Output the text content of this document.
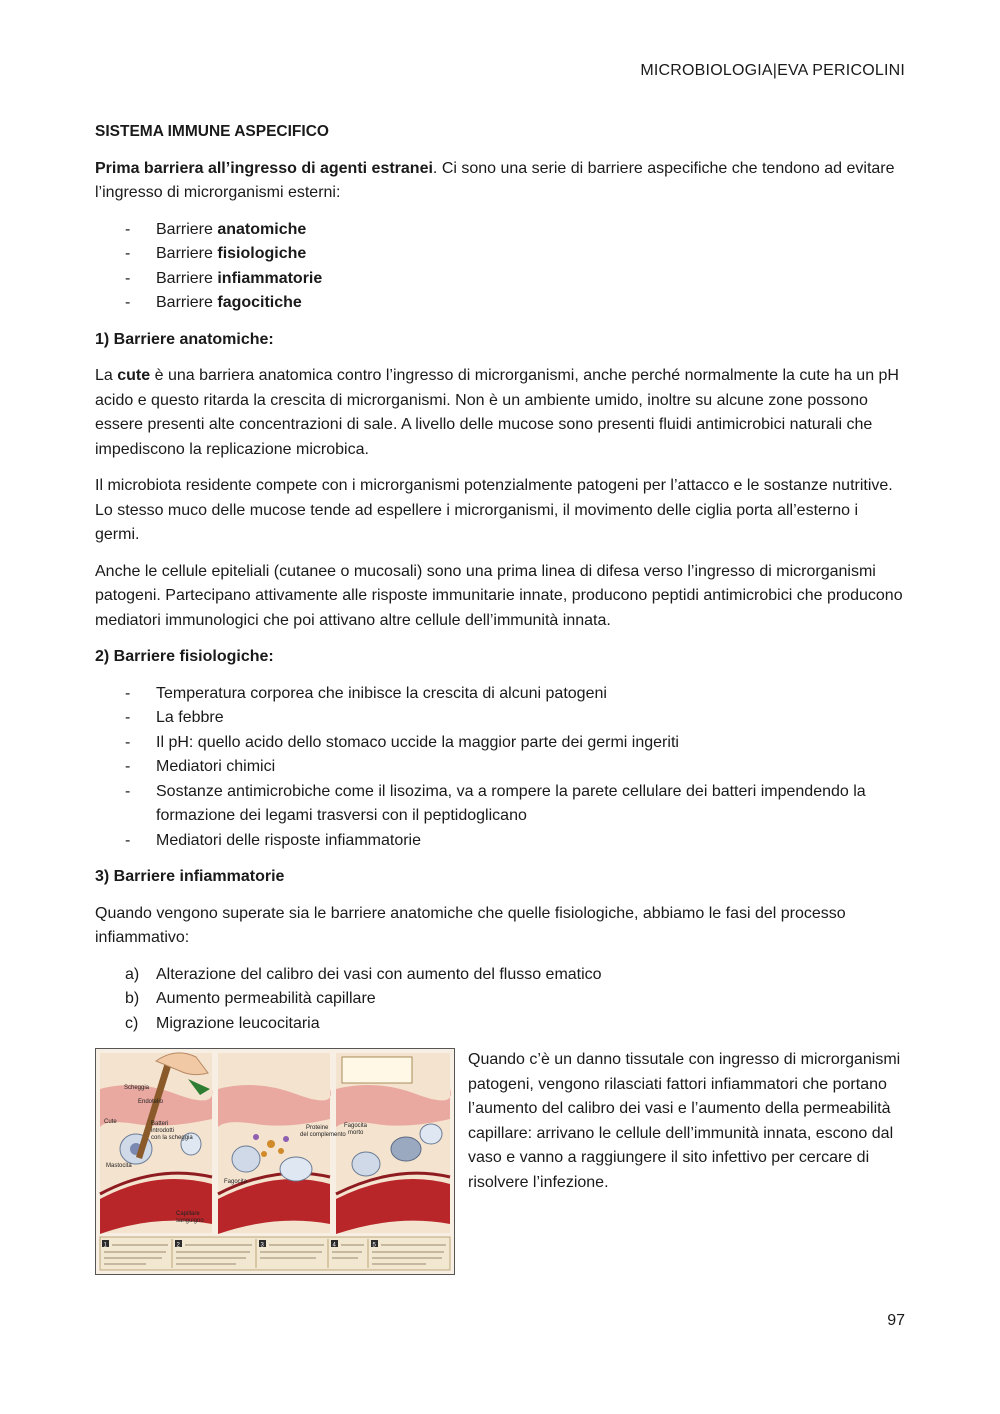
MICROBIOLOGIA|EVA PERICOLINI
SISTEMA IMMUNE ASPECIFICO

Prima barriera all’ingresso di agenti estranei. Ci sono una serie di barriere aspecifiche che tendono ad evitare l’ingresso di microrganismi esterni:

- Barriere anatomiche
- Barriere fisiologiche
- Barriere infiammatorie
- Barriere fagocitiche
1) Barriere anatomiche:

La cute è una barriera anatomica contro l’ingresso di microrganismi, anche perché normalmente la cute ha un pH acido e questo ritarda la crescita di microrganismi. Non è un ambiente umido, inoltre su alcune zone possono essere presenti alte concentrazioni di sale. A livello delle mucose sono presenti fluidi antimicrobici naturali che impediscono la replicazione microbica.

Il microbiota residente compete con i microrganismi potenzialmente patogeni per l’attacco e le sostanze nutritive. Lo stesso muco delle mucose tende ad espellere i microrganismi, il movimento delle ciglia porta all’esterno i germi.

Anche le cellule epiteliali (cutanee o mucosali) sono una prima linea di difesa verso l’ingresso di microrganismi patogeni. Partecipano attivamente alle risposte immunitarie innate, producono peptidi antimicrobici che producono mediatori immunologici che poi attivano altre cellule dell’immunità innata.

2) Barriere fisiologiche:
- Temperatura corporea che inibisce la crescita di alcuni patogeni
- La febbre
- Il pH: quello acido dello stomaco uccide la maggior parte dei germi ingeriti
- Mediatori chimici
- Sostanze antimicrobiche come il lisozima, va a rompere la parete cellulare dei batteri impendendo la formazione dei legami trasversi con il peptidoglicano
- Mediatori delle risposte infiammatorie
3) Barriere infiammatorie

Quando vengono superate sia le barriere anatomiche che quelle fisiologiche, abbiamo le fasi del processo infiammativo:

a) Alterazione del calibro dei vasi con aumento del flusso ematico
b) Aumento permeabilità capillare
c) Migrazione leucocitaria
Scheggia
Endotelio
Cute	Batteri
introdotti
con la scheggia
Mastocita
Fagocita
Proteine
del complemento
Fagocita
morto
Capillare
sanguigno
1	2	3	4	5
Quando c’è un danno tissutale con ingresso di microrganismi patogeni, vengono rilasciati fattori infiammatori che portano l’aumento del calibro dei vasi e l’aumento della permeabilità capillare: arrivano le cellule dell’immunità innata, escono dal vaso e vanno a raggiungere il sito infettivo per cercare di risolvere l’infezione.
97
